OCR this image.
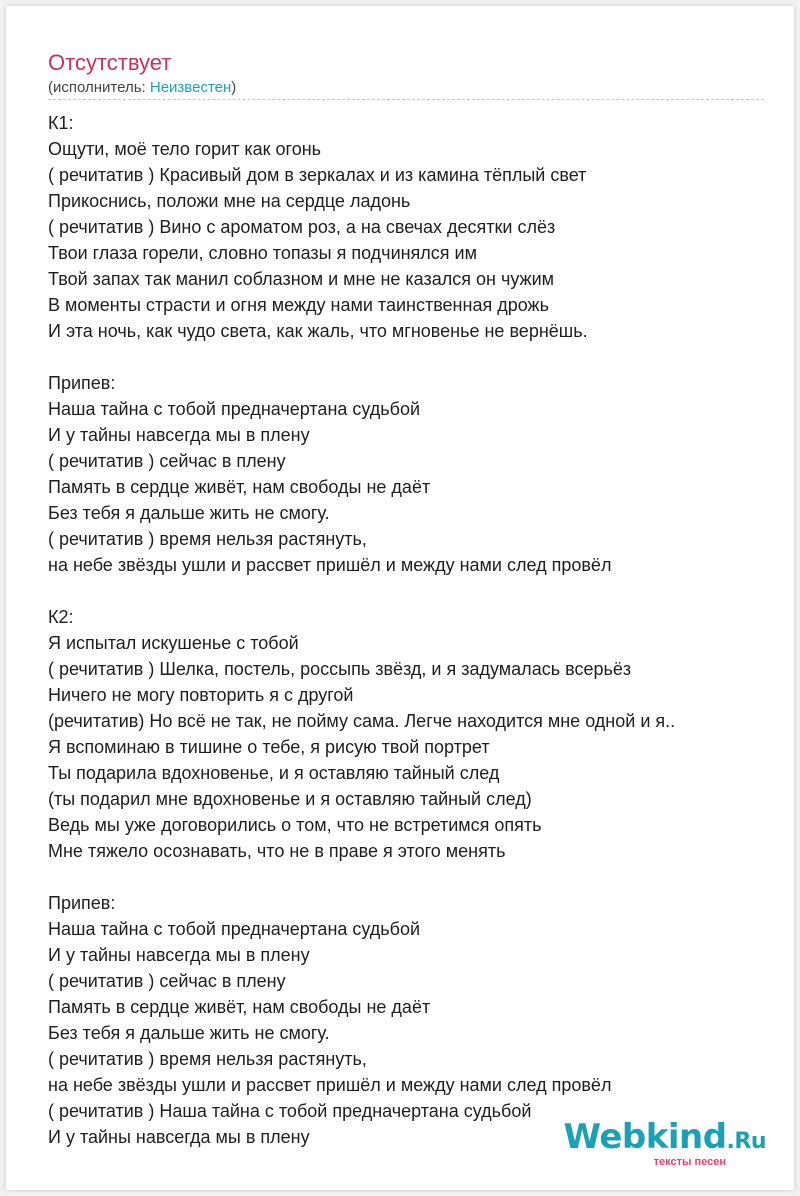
Отсутствует
(исполнитель: Неизвестен)
К1:
Ощути, моё тело горит как огонь
( речитатив ) Красивый дом в зеркалах и из камина тёплый свет
Прикоснись, положи мне на сердце ладонь
( речитатив ) Вино с ароматом роз, а на свечах десятки слёз
Твои глаза горели, словно топазы я подчинялся им
Твой запах так манил соблазном и мне не казался он чужим
В моменты страсти и огня между нами таинственная дрожь
И эта ночь, как чудо света, как жаль, что мгновенье не вернёшь.
Припев:
Наша тайна с тобой предначертана судьбой
И у тайны навсегда мы в плену
( речитатив ) сейчас в плену
Память в сердце живёт, нам свободы не даёт
Без тебя я дальше жить не смогу.
( речитатив ) время нельзя растянуть,
на небе звёзды ушли и рассвет пришёл и между нами след провёл
К2:
Я испытал искушенье с тобой
( речитатив ) Шелка, постель, россыпь звёзд, и я задумалась всерьёз
Ничего не могу повторить я с другой
(речитатив) Но всё не так, не пойму сама. Легче находится мне одной и я..
Я вспоминаю в тишине о тебе, я рисую твой портрет
Ты подарила вдохновенье, и я оставляю тайный след
(ты подарил мне вдохновенье и я оставляю тайный след)
Ведь мы уже договорились о том, что не встретимся опять
Мне тяжело осознавать, что не в праве я этого менять
Припев:
Наша тайна с тобой предначертана судьбой
И у тайны навсегда мы в плену
( речитатив ) сейчас в плену
Память в сердце живёт, нам свободы не даёт
Без тебя я дальше жить не смогу.
( речитатив ) время нельзя растянуть,
на небе звёзды ушли и рассвет пришёл и между нами след провёл
( речитатив ) Наша тайна с тобой предначертана судьбой
И у тайны навсегда мы в плену	Webkind.Ru
тексты песен
